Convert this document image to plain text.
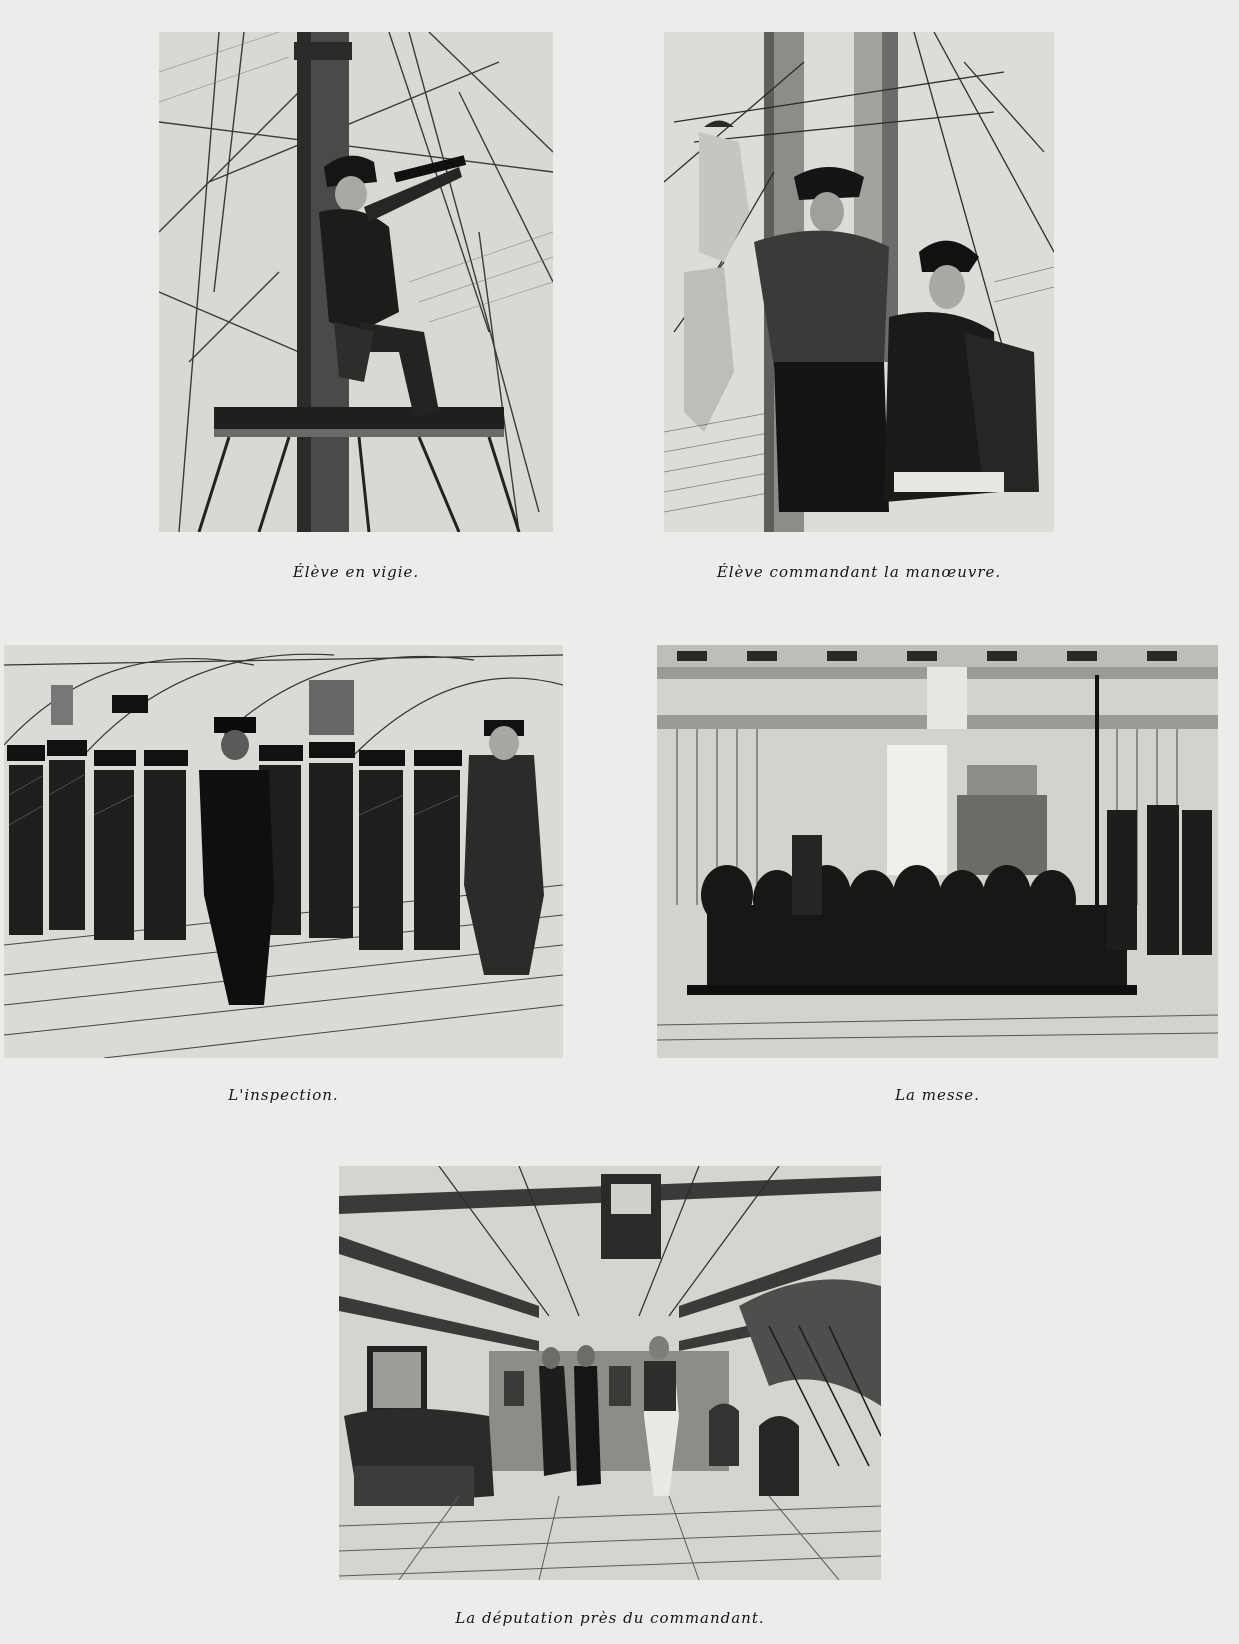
Élève en vigie.	Élève commandant la manœuvre.
L'inspection.	La messe.
La députation près du commandant.
